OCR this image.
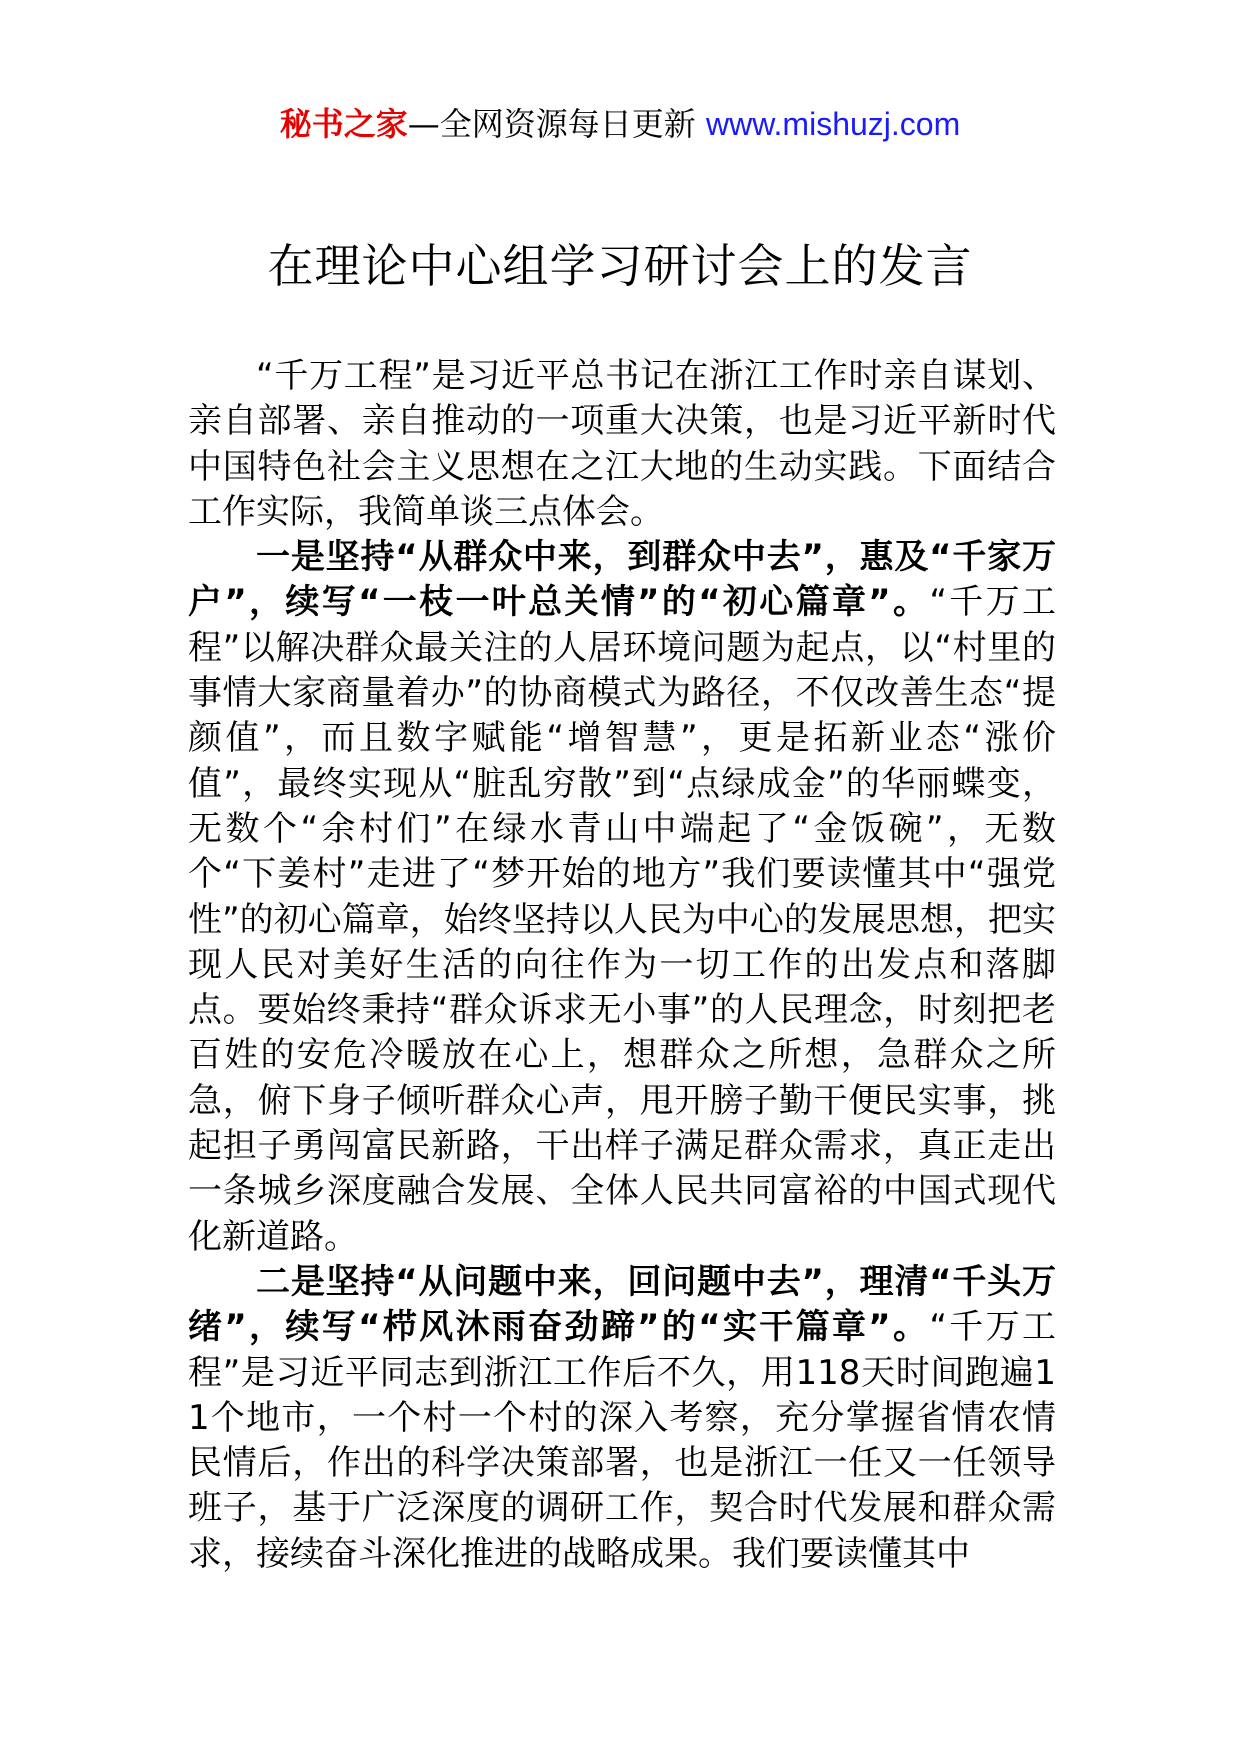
秘书之家—全网资源每日更新 www.mishuzj.com
在理论中心组学习研讨会上的发言

“千万工程”是习近平总书记在浙江工作时亲自谋划、亲自部署、亲自推动的一项重大决策，也是习近平新时代中国特色社会主义思想在之江大地的生动实践。下面结合工作实际，我简单谈三点体会。

一是坚持“从群众中来，到群众中去”，惠及“千家万户”，续写“一枝一叶总关情”的“初心篇章”。“千万工程”以解决群众最关注的人居环境问题为起点，以“村里的事情大家商量着办”的协商模式为路径，不仅改善生态“提颜值”，而且数字赋能“增智慧”，更是拓新业态“涨价值”，最终实现从“脏乱穷散”到“点绿成金”的华丽蝶变，无数个“余村们”在绿水青山中端起了“金饭碗”，无数个“下姜村”走进了“梦开始的地方”我们要读懂其中“强党性”的初心篇章，始终坚持以人民为中心的发展思想，把实现人民对美好生活的向往作为一切工作的出发点和落脚点。要始终秉持“群众诉求无小事”的人民理念，时刻把老百姓的安危冷暖放在心上，想群众之所想，急群众之所急，俯下身子倾听群众心声，甩开膀子勤干便民实事，挑起担子勇闯富民新路，干出样子满足群众需求，真正走出一条城乡深度融合发展、全体人民共同富裕的中国式现代化新道路。

二是坚持“从问题中来，回问题中去”，理清“千头万绪”，续写“栉风沐雨奋劲蹄”的“实干篇章”。“千万工程”是习近平同志到浙江工作后不久，用118天时间跑遍11个地市，一个村一个村的深入考察，充分掌握省情农情民情后，作出的科学决策部署，也是浙江一任又一任领导班子，基于广泛深度的调研工作，契合时代发展和群众需求，接续奋斗深化推进的战略成果。我们要读懂其中
